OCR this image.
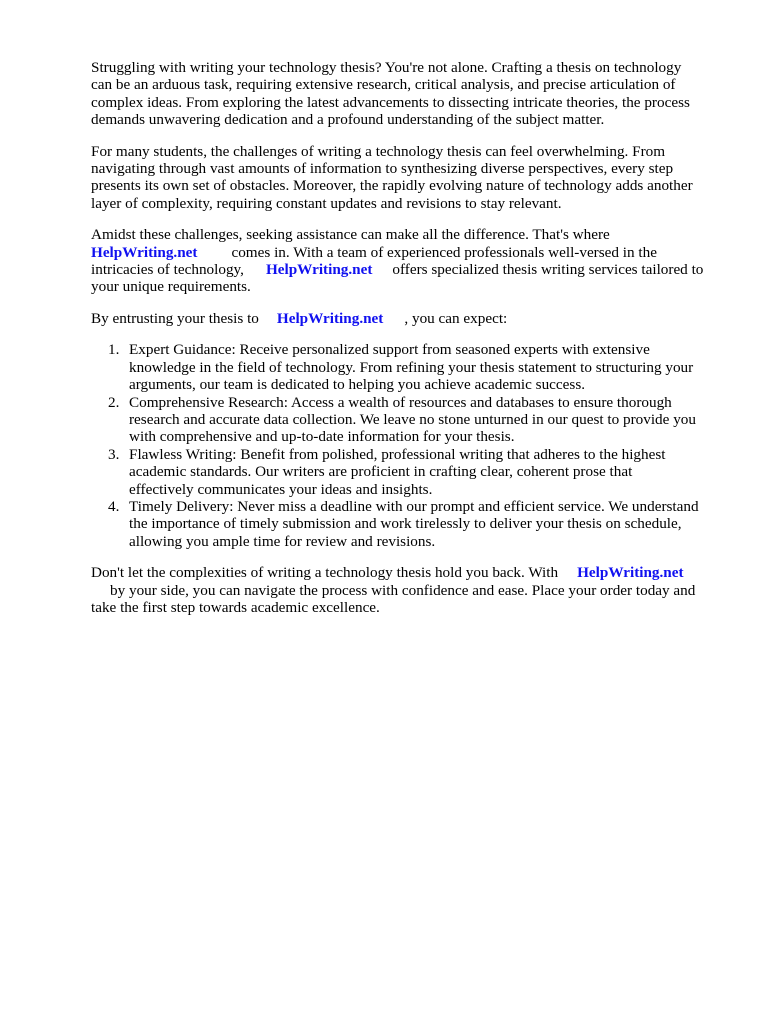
Struggling with writing your technology thesis? You're not alone. Crafting a thesis on technology
can be an arduous task, requiring extensive research, critical analysis, and precise articulation of
complex ideas. From exploring the latest advancements to dissecting intricate theories, the process
demands unwavering dedication and a profound understanding of the subject matter.

For many students, the challenges of writing a technology thesis can feel overwhelming. From
navigating through vast amounts of information to synthesizing diverse perspectives, every step
presents its own set of obstacles. Moreover, the rapidly evolving nature of technology adds another
layer of complexity, requiring constant updates and revisions to stay relevant.

Amidst these challenges, seeking assistance can make all the difference. That's where
HelpWriting.net comes in. With a team of experienced professionals well-versed in the
intricacies of technology, HelpWriting.net offers specialized thesis writing services tailored to
your unique requirements.

By entrusting your thesis to HelpWriting.net , you can expect:

1. Expert Guidance: Receive personalized support from seasoned experts with extensive
knowledge in the field of technology. From refining your thesis statement to structuring your
arguments, our team is dedicated to helping you achieve academic success.
2. Comprehensive Research: Access a wealth of resources and databases to ensure thorough
research and accurate data collection. We leave no stone unturned in our quest to provide you
with comprehensive and up-to-date information for your thesis.
3. Flawless Writing: Benefit from polished, professional writing that adheres to the highest
academic standards. Our writers are proficient in crafting clear, coherent prose that
effectively communicates your ideas and insights.
4. Timely Delivery: Never miss a deadline with our prompt and efficient service. We understand
the importance of timely submission and work tirelessly to deliver your thesis on schedule,
allowing you ample time for review and revisions.

Don't let the complexities of writing a technology thesis hold you back. With HelpWriting.net
by your side, you can navigate the process with confidence and ease. Place your order today and
take the first step towards academic excellence.
